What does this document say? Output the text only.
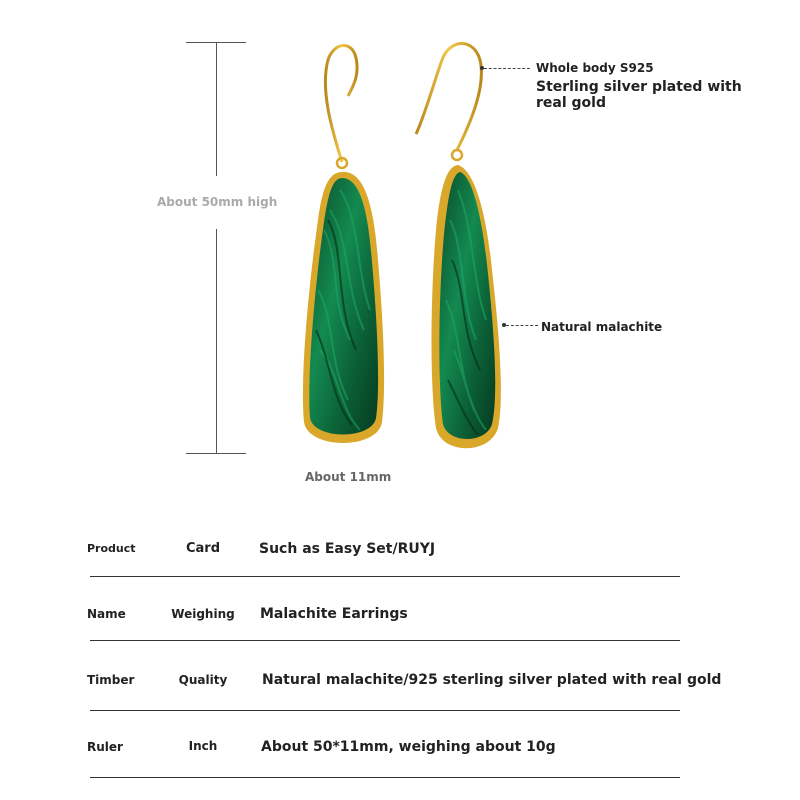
About 50mm high
Whole body S925
Sterling silver plated with real gold
Natural malachite
About 11mm
Product	Card	Such as Easy Set/RUYJ
Name	Weighing	Malachite Earrings
Timber	Quality	Natural malachite/925 sterling silver plated with real gold
Ruler	Inch	About 50*11mm, weighing about 10g
